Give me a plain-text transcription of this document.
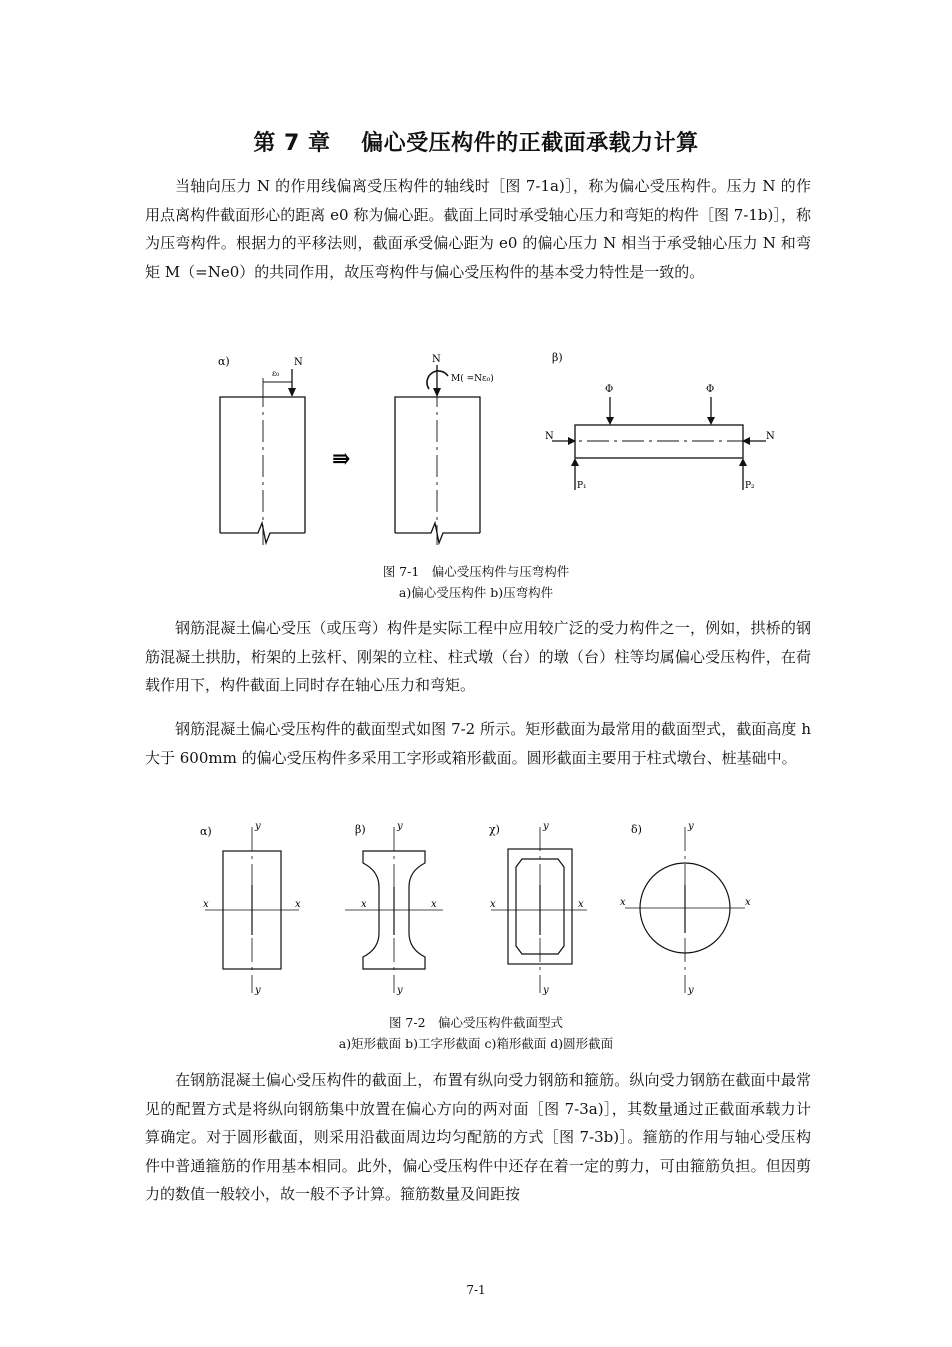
第 7 章　 偏心受压构件的正截面承载力计算

当轴向压力 N 的作用线偏离受压构件的轴线时［图 7-1a)］，称为偏心受压构件。压力 N 的作用点离构件截面形心的距离 e0 称为偏心距。截面上同时承受轴心压力和弯矩的构件［图 7-1b)］，称为压弯构件。根据力的平移法则，截面承受偏心距为 e0 的偏心压力 N 相当于承受轴心压力 N 和弯矩 M（=Ne0）的共同作用，故压弯构件与偏心受压构件的基本受力特性是一致的。

α)
ε₀
N	N
M( =Nε₀)
⇛
β)
Φ	Φ
N	N
P₁	P₂
图 7-1　偏心受压构件与压弯构件
a)偏心受压构件 b)压弯构件

钢筋混凝土偏心受压（或压弯）构件是实际工程中应用较广泛的受力构件之一，例如，拱桥的钢筋混凝土拱肋，桁架的上弦杆、刚架的立柱、柱式墩（台）的墩（台）柱等均属偏心受压构件，在荷载作用下，构件截面上同时存在轴心压力和弯矩。

钢筋混凝土偏心受压构件的截面型式如图 7-2 所示。矩形截面为最常用的截面型式，截面高度 h 大于 600mm 的偏心受压构件多采用工字形或箱形截面。圆形截面主要用于柱式墩台、桩基础中。

α)	y
y
x	x
β)	y
y
x	x
χ)	y
y
x	x
δ)	y
y
x	x
图 7-2　偏心受压构件截面型式
a)矩形截面 b)工字形截面 c)箱形截面 d)圆形截面

在钢筋混凝土偏心受压构件的截面上，布置有纵向受力钢筋和箍筋。纵向受力钢筋在截面中最常见的配置方式是将纵向钢筋集中放置在偏心方向的两对面［图 7-3a)］，其数量通过正截面承载力计算确定。对于圆形截面，则采用沿截面周边均匀配筋的方式［图 7-3b)］。箍筋的作用与轴心受压构件中普通箍筋的作用基本相同。此外，偏心受压构件中还存在着一定的剪力，可由箍筋负担。但因剪力的数值一般较小，故一般不予计算。箍筋数量及间距按

7-1
